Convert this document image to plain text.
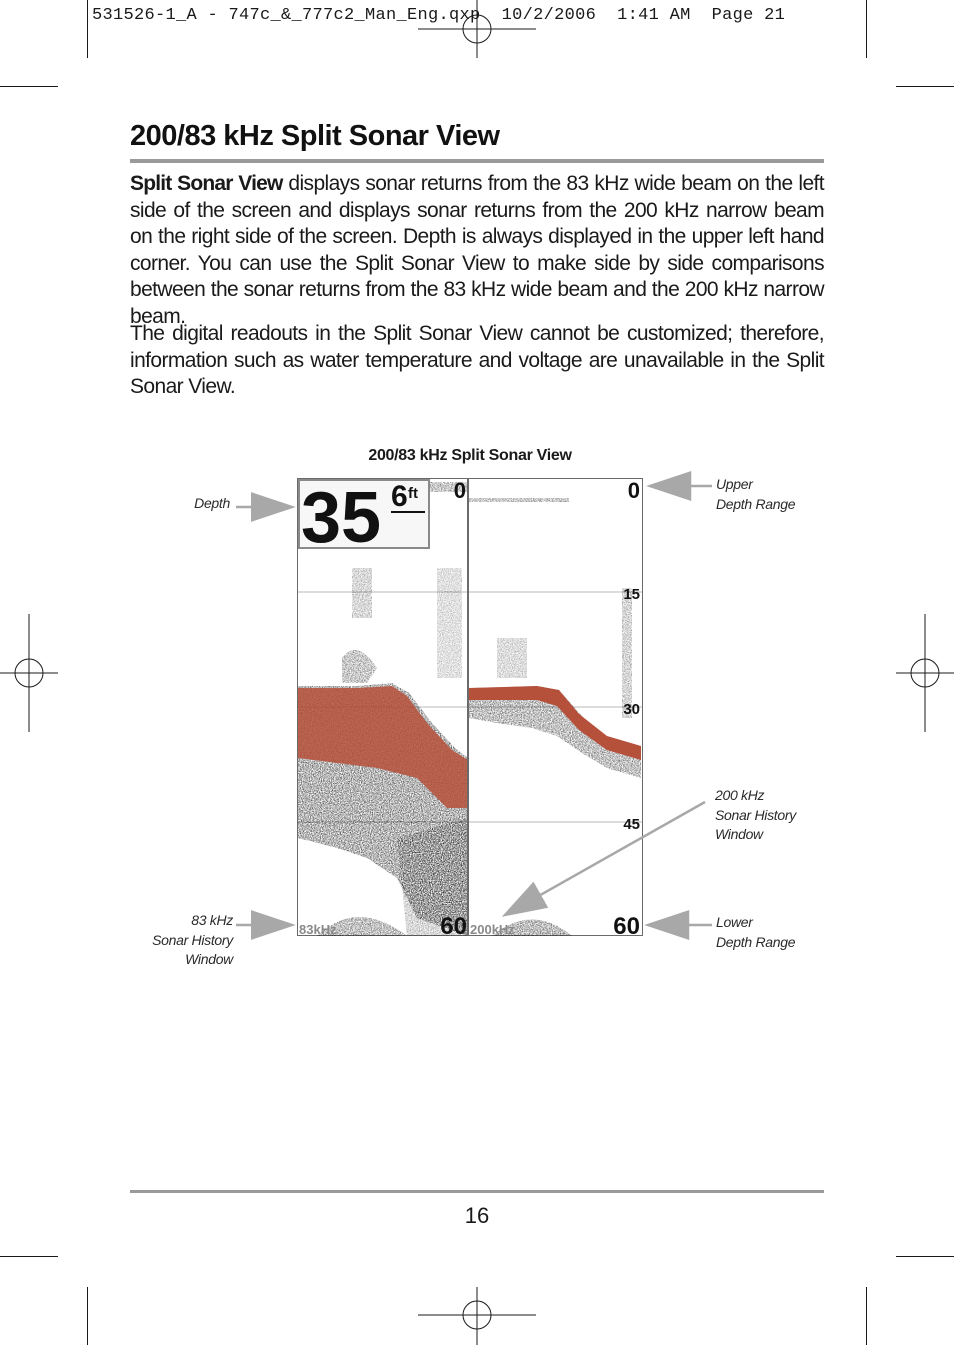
531526-1_A - 747c_&_777c2_Man_Eng.qxp  10/2/2006  1:41 AM  Page 21
200/83 kHz Split Sonar View
Split Sonar View displays sonar returns from the 83 kHz wide beam on the left side of the screen and displays sonar returns from the 200 kHz narrow beam on the right side of the screen. Depth is always displayed in the upper left hand corner. You can use the Split Sonar View to make side by side comparisons between the sonar returns from the 83 kHz wide beam and the 200 kHz narrow beam.
The digital readouts in the Split Sonar View cannot be customized; therefore, information such as water temperature and voltage are unavailable in the Split Sonar View.
200/83 kHz Split Sonar View
35 6 ft 0
60
0
60
15
30
45
83kHz	200kHz
Depth
Upper
Depth Range
200 kHz
Sonar History
Window
83 kHz
Sonar History
Window
Lower
Depth Range
16
